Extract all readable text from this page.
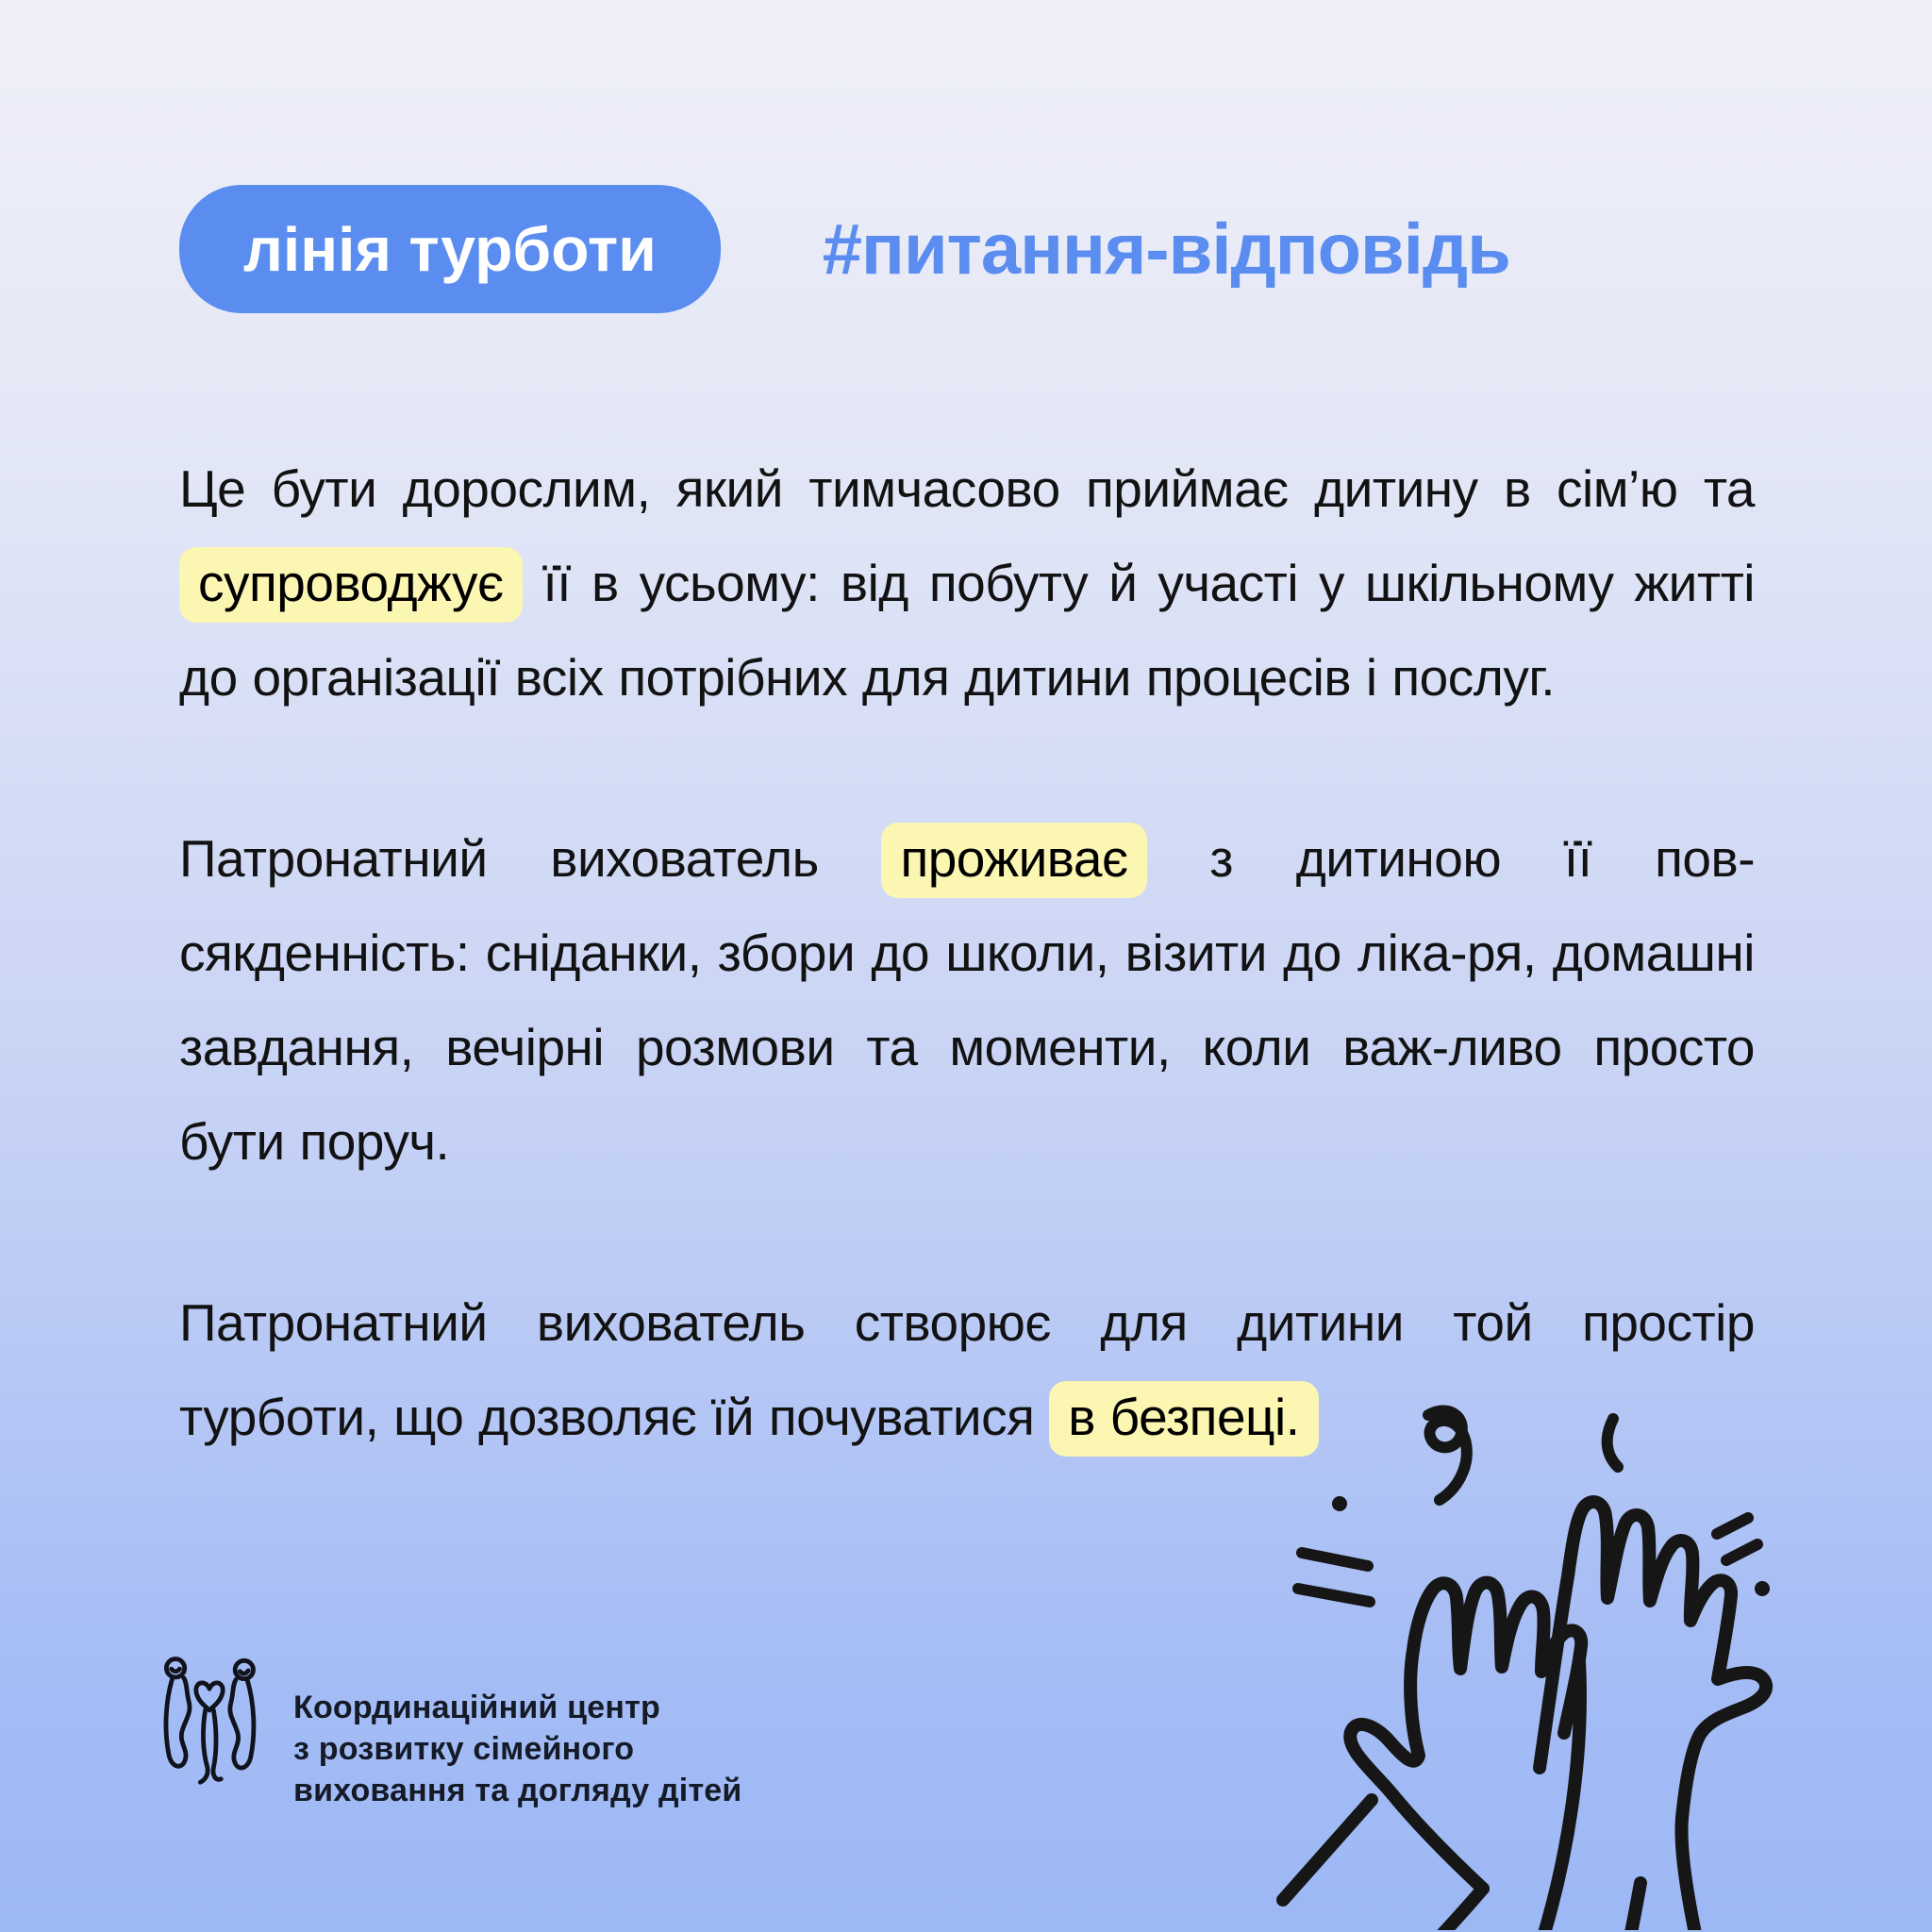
лінія турботи #питання-відповідь

Це бути дорослим, який тимчасово приймає дитину в сім’ю та супроводжує її в усьому: від побуту й участі у шкільному житті до організації всіх потрібних для дитини процесів і послуг.

Патронатний вихователь проживає з дитиною її пов-сякденність: сніданки, збори до школи, візити до ліка-ря, домашні завдання, вечірні розмови та моменти, коли важ-ливо просто бути поруч.

Патронатний вихователь створює для дитини той простір турботи, що дозволяє їй почуватися в безпеці.

Координаційний центр
з розвитку сімейного
виховання та догляду дітей
